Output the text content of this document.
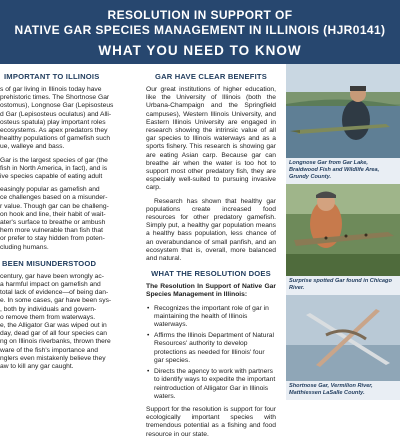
RESOLUTION IN SUPPORT OF
NATIVE GAR SPECIES MANAGEMENT IN ILLINOIS (HJR0141)
WHAT YOU NEED TO KNOW
IMPORTANT TO ILLINOIS
s of gar living in Illinois today have
prehistoric times. The Shortnose Gar
ostomus), Longnose Gar (Lepisosteus
d Gar (Lepisosteus oculatus) and Alli-
osteus spatula) play important roles
ecosystems. As apex predators they
healthy populations of gamefish such
ue, walleye and bass.
Gar is the largest species of gar (the
fish in North America, in fact), and is
ive species capable of eating adult
easingly popular as gamefish and
ce challenges based on a misunder-
r value. Though gar can be challeng-
on hook and line, their habit of wait-
ater's surface to breathe or ambush
hem more vulnerable than fish that
or prefer to stay hidden from poten-
cluding humans.
BEEN MISUNDERSTOOD
century, gar have been wrongly ac-
a harmful impact on gamefish and
total lack of evidence—of being dan-
e. In some cases, gar have been sys-
, both by individuals and govern-
o remove them from waterways.
e, the Alligator Gar was wiped out in
day, dead gar of all four species can
ng on Illinois riverbanks, thrown there
ware of the fish's importance and
nglers even mistakenly believe they
aw to kill any gar caught.
GAR HAVE CLEAR BENEFITS

Our great institutions of higher education, like the University of Illinois (both the Urbana-Champaign and the Springfield campuses), Western Illinois University, and Eastern Illinois University are engaged in research showing the intrinsic value of all gar species to Illinois waterways and as a sports fishery. This research is showing gar are eating Asian carp. Because gar can breathe air when the water is too hot to support most other predatory fish, they are especially well-suited to pursuing invasive carp.

Research has shown that healthy gar populations create increased food resources for other predatory gamefish. Simply put, a healthy gar population means a healthy bass population, less chance of an overabundance of small panfish, and an ecosystem that is, overall, more balanced and natural.

WHAT THE RESOLUTION DOES

The Resolution In Support of Native Gar Species Management in Illinois:

• Recognizes the important role of gar in maintaining the health of Illinois waterways.
• Affirms the Illinois Department of Natural Resources' authority to develop protections as needed for Illinois' four gar species.
• Directs the agency to work with partners to identify ways to expedite the important reintroduction of Alligator Gar in Illinois waters.

Support for the resolution is support for four ecologically important species with tremendous potential as a fishing and food resource in our state.

Longnose Gar from Gar Lake, Braidwood Fish and Wildlife Area, Grundy County.
Surprise spotted Gar found in Chicago River.
Shortnose Gar, Vermilion River, Matthiessen LaSalle County.
